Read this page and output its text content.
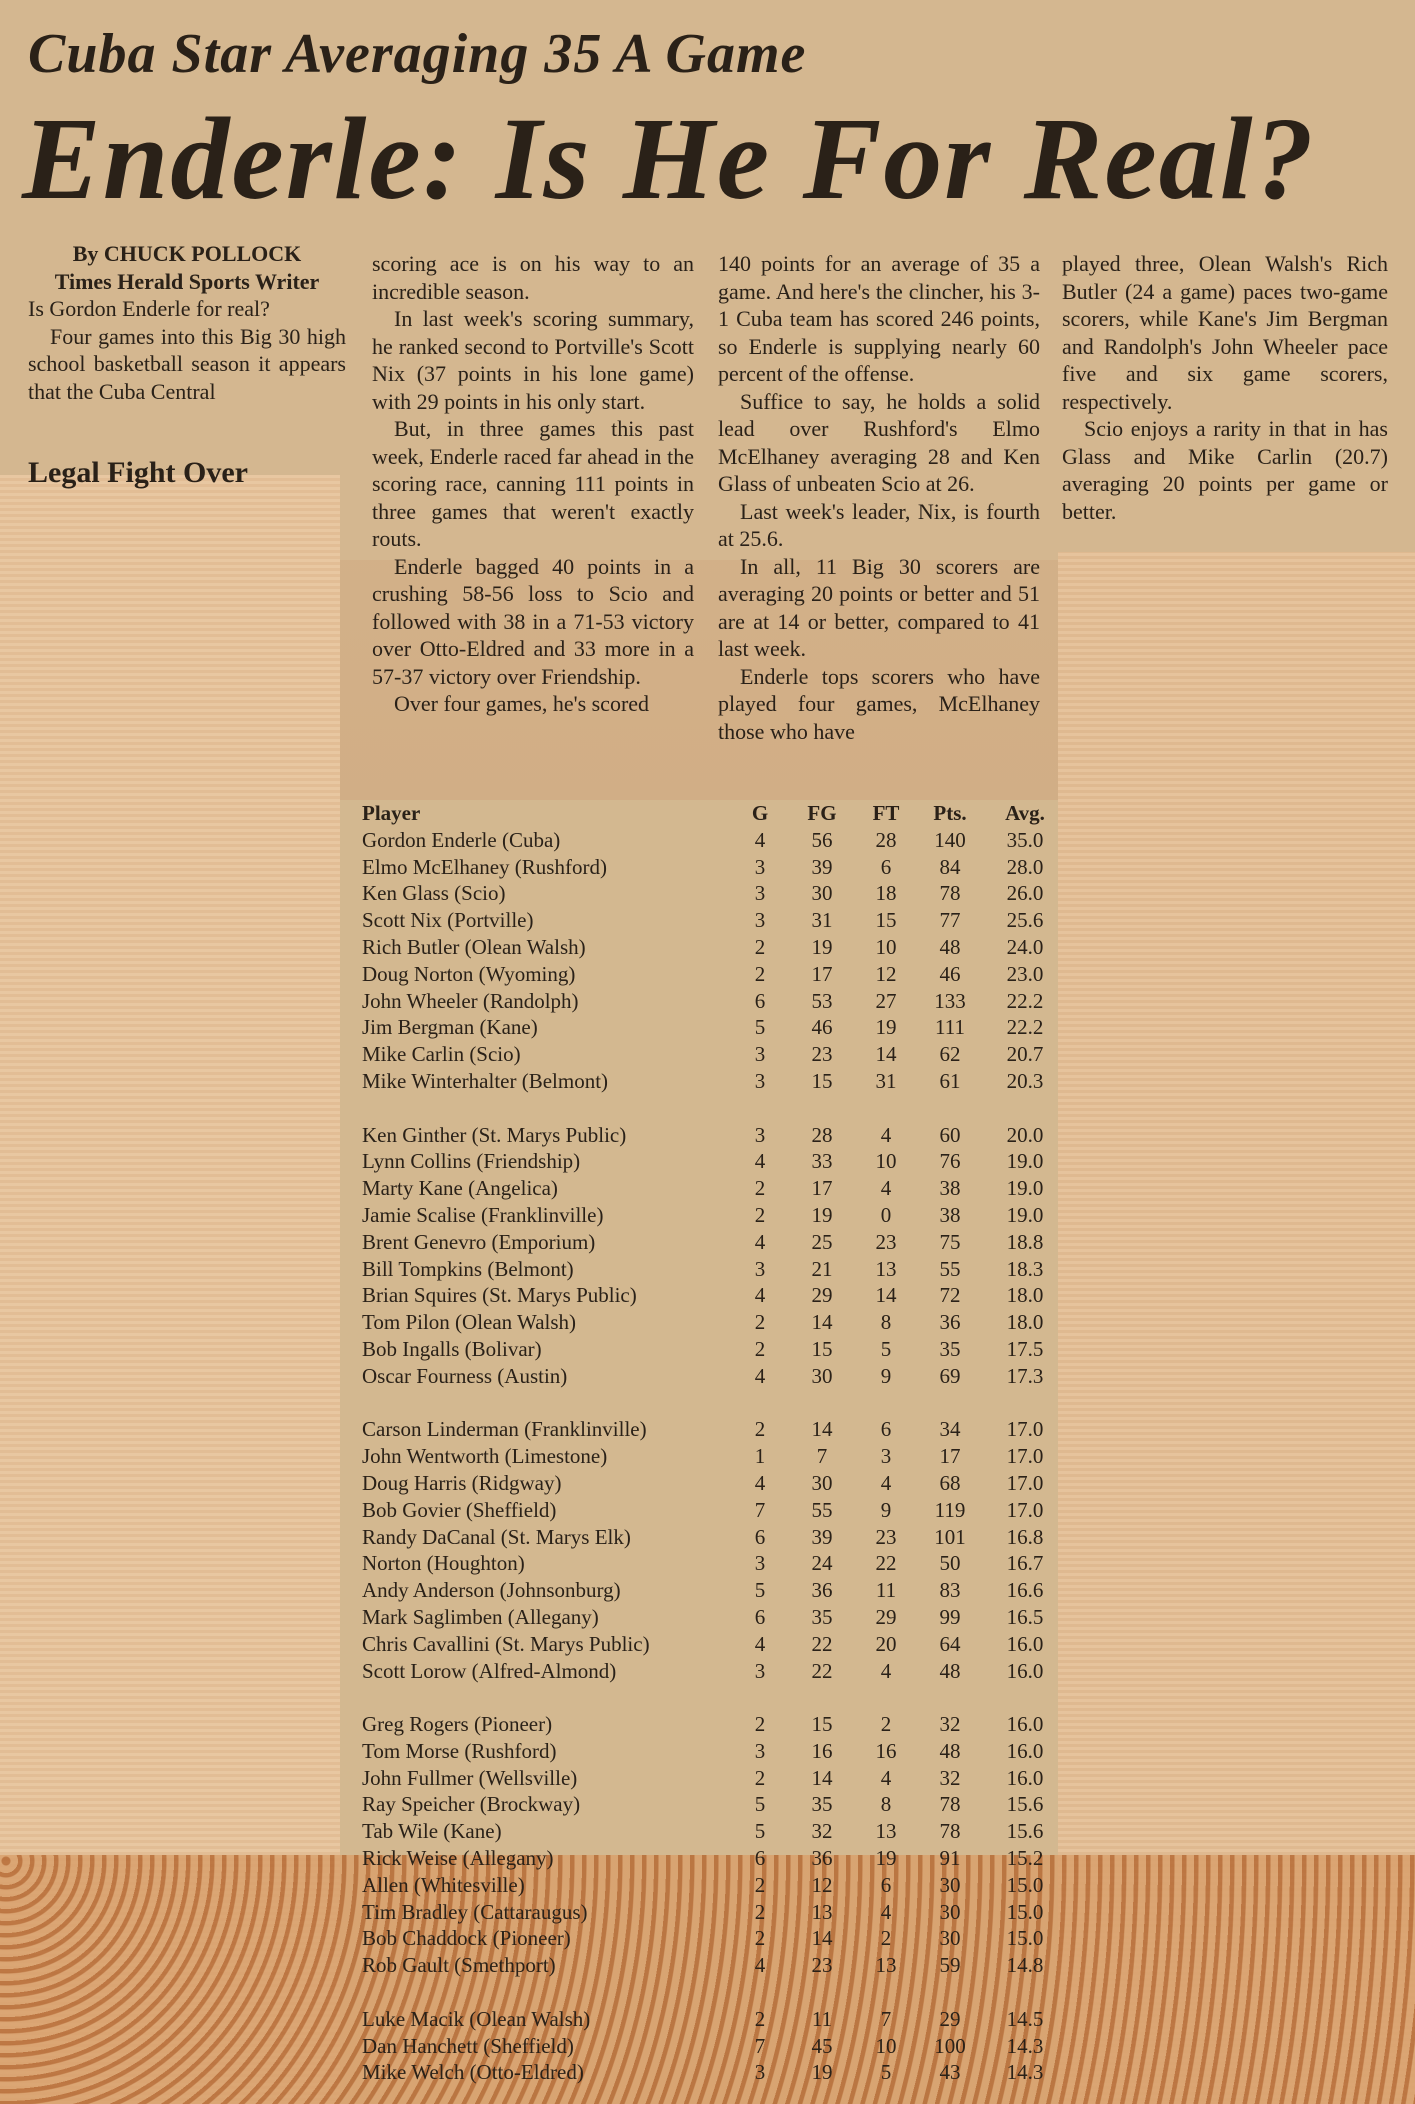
Cuba Star Averaging 35 A Game
Enderle: Is He For Real?
By CHUCK POLLOCK
Times Herald Sports Writer

Is Gordon Enderle for real?

Four games into this Big 30 high school basketball season it appears that the Cuba Central

Legal Fight Over

scoring ace is on his way to an incredible season.

In last week's scoring summary, he ranked second to Portville's Scott Nix (37 points in his lone game) with 29 points in his only start.

But, in three games this past week, Enderle raced far ahead in the scoring race, canning 111 points in three games that weren't exactly routs.

Enderle bagged 40 points in a crushing 58-56 loss to Scio and followed with 38 in a 71-53 victory over Otto-Eldred and 33 more in a 57-37 victory over Friendship.

Over four games, he's scored

140 points for an average of 35 a game. And here's the clincher, his 3-1 Cuba team has scored 246 points, so Enderle is supplying nearly 60 percent of the offense.

Suffice to say, he holds a solid lead over Rushford's Elmo McElhaney averaging 28 and Ken Glass of unbeaten Scio at 26.

Last week's leader, Nix, is fourth at 25.6.

In all, 11 Big 30 scorers are averaging 20 points or better and 51 are at 14 or better, compared to 41 last week.

Enderle tops scorers who have played four games, McElhaney those who have

played three, Olean Walsh's Rich Butler (24 a game) paces two-game scorers, while Kane's Jim Bergman and Randolph's John Wheeler pace five and six game scorers, respectively.

Scio enjoys a rarity in that in has Glass and Mike Carlin (20.7) averaging 20 points per game or better.

Player	G	FG	FT	Pts.	Avg.
Gordon Enderle (Cuba)	4	56	28	140	35.0
Elmo McElhaney (Rushford)	3	39	6	84	28.0
Ken Glass (Scio)	3	30	18	78	26.0
Scott Nix (Portville)	3	31	15	77	25.6
Rich Butler (Olean Walsh)	2	19	10	48	24.0
Doug Norton (Wyoming)	2	17	12	46	23.0
John Wheeler (Randolph)	6	53	27	133	22.2
Jim Bergman (Kane)	5	46	19	111	22.2
Mike Carlin (Scio)	3	23	14	62	20.7
Mike Winterhalter (Belmont)	3	15	31	61	20.3

Ken Ginther (St. Marys Public)	3	28	4	60	20.0
Lynn Collins (Friendship)	4	33	10	76	19.0
Marty Kane (Angelica)	2	17	4	38	19.0
Jamie Scalise (Franklinville)	2	19	0	38	19.0
Brent Genevro (Emporium)	4	25	23	75	18.8
Bill Tompkins (Belmont)	3	21	13	55	18.3
Brian Squires (St. Marys Public)	4	29	14	72	18.0
Tom Pilon (Olean Walsh)	2	14	8	36	18.0
Bob Ingalls (Bolivar)	2	15	5	35	17.5
Oscar Fourness (Austin)	4	30	9	69	17.3

Carson Linderman (Franklinville)	2	14	6	34	17.0
John Wentworth (Limestone)	1	7	3	17	17.0
Doug Harris (Ridgway)	4	30	4	68	17.0
Bob Govier (Sheffield)	7	55	9	119	17.0
Randy DaCanal (St. Marys Elk)	6	39	23	101	16.8
Norton (Houghton)	3	24	22	50	16.7
Andy Anderson (Johnsonburg)	5	36	11	83	16.6
Mark Saglimben (Allegany)	6	35	29	99	16.5
Chris Cavallini (St. Marys Public)	4	22	20	64	16.0
Scott Lorow (Alfred-Almond)	3	22	4	48	16.0

Greg Rogers (Pioneer)	2	15	2	32	16.0
Tom Morse (Rushford)	3	16	16	48	16.0
John Fullmer (Wellsville)	2	14	4	32	16.0
Ray Speicher (Brockway)	5	35	8	78	15.6
Tab Wile (Kane)	5	32	13	78	15.6
Rick Weise (Allegany)	6	36	19	91	15.2
Allen (Whitesville)	2	12	6	30	15.0
Tim Bradley (Cattaraugus)	2	13	4	30	15.0
Bob Chaddock (Pioneer)	2	14	2	30	15.0
Rob Gault (Smethport)	4	23	13	59	14.8

Luke Macik (Olean Walsh)	2	11	7	29	14.5
Dan Hanchett (Sheffield)	7	45	10	100	14.3
Mike Welch (Otto-Eldred)	3	19	5	43	14.3
